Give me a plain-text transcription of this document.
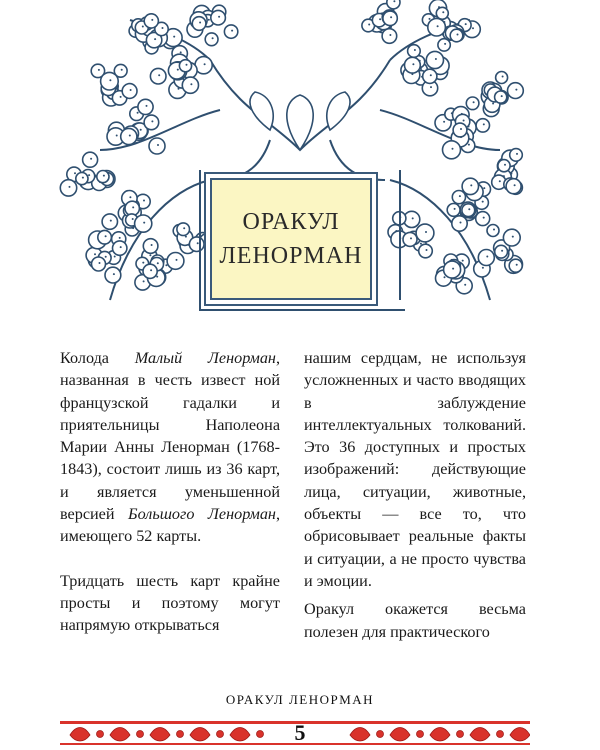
ОРАКУЛ
ЛЕНОРМАН

Колода Малый Ленорман, названная в честь извест ной французской гадалки и приятельницы Наполеона Марии Анны Ленорман (1768-1843), состоит лишь из 36 карт, и является уменьшенной версией Большого Ленорман, имеющего 52 карты.

Тридцать шесть карт крайне просты и поэтому могут напрямую открываться

нашим сердцам, не используя усложненных и часто вводящих в заблуждение интеллектуальных толкований. Это 36 доступных и простых изображений: действующие лица, ситуации, животные, объекты — все то, что обрисовывает реальные факты и ситуации, а не просто чувства и эмоции.

Оракул окажется весьма полезен для практического

ОРАКУЛ ЛЕНОРМАН
5
